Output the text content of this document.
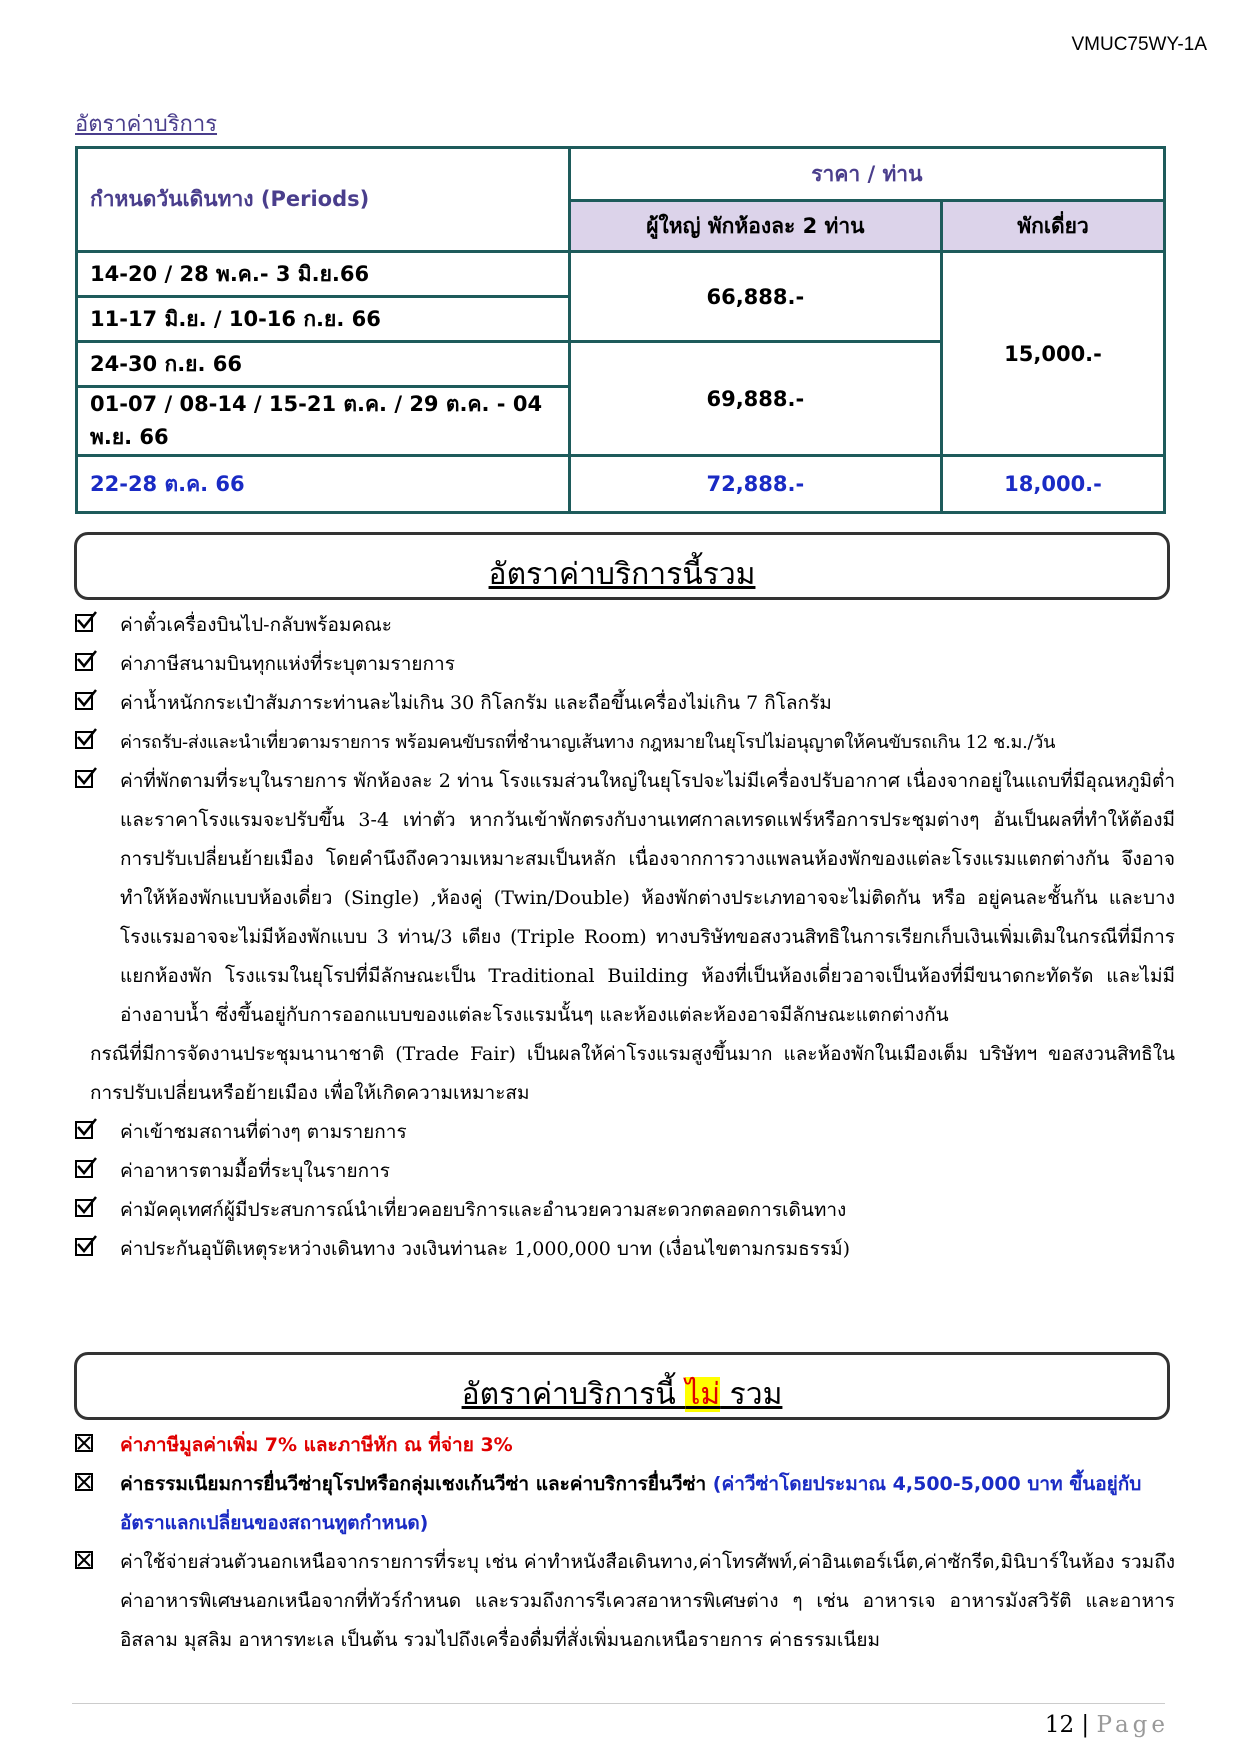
VMUC75WY-1A
อัตราค่าบริการ
กำหนดวันเดินทาง (Periods)	ราคา / ท่าน	
	ผู้ใหญ่ พักห้องละ 2 ท่าน	พักเดี่ยว
14-20 / 28 พ.ค.- 3 มิ.ย.66	66,888.-	15,000.-
11-17 มิ.ย. / 10-16 ก.ย. 66		
24-30 ก.ย. 66	69,888.-	
01-07 / 08-14 / 15-21 ต.ค. / 29 ต.ค. - 04 พ.ย. 66		
22-28 ต.ค. 66	72,888.-	18,000.-
อัตราค่าบริการนี้รวม
ค่าตั๋วเครื่องบินไป-กลับพร้อมคณะ
ค่าภาษีสนามบินทุกแห่งที่ระบุตามรายการ
ค่าน้ำหนักกระเป๋าสัมภาระท่านละไม่เกิน 30 กิโลกรัม และถือขึ้นเครื่องไม่เกิน 7 กิโลกรัม
ค่ารถรับ-ส่งและนำเที่ยวตามรายการ พร้อมคนขับรถที่ชำนาญเส้นทาง กฎหมายในยุโรปไม่อนุญาตให้คนขับรถเกิน 12 ช.ม./วัน
ค่าที่พักตามที่ระบุในรายการ พักห้องละ 2 ท่าน โรงแรมส่วนใหญ่ในยุโรปจะไม่มีเครื่องปรับอากาศ เนื่องจากอยู่ในแถบที่มีอุณหภูมิต่ำและราคาโรงแรมจะปรับขึ้น 3-4 เท่าตัว หากวันเข้าพักตรงกับงานเทศกาลเทรดแฟร์หรือการประชุมต่างๆ อันเป็นผลที่ทำให้ต้องมีการปรับเปลี่ยนย้ายเมือง โดยคำนึงถึงความเหมาะสมเป็นหลัก เนื่องจากการวางแพลนห้องพักของแต่ละโรงแรมแตกต่างกัน จึงอาจทำให้ห้องพักแบบห้องเดี่ยว (Single) ,ห้องคู่ (Twin/Double) ห้องพักต่างประเภทอาจจะไม่ติดกัน หรือ อยู่คนละชั้นกัน และบางโรงแรมอาจจะไม่มีห้องพักแบบ 3 ท่าน/3 เตียง (Triple Room) ทางบริษัทขอสงวนสิทธิในการเรียกเก็บเงินเพิ่มเติมในกรณีที่มีการแยกห้องพัก โรงแรมในยุโรปที่มีลักษณะเป็น Traditional Building ห้องที่เป็นห้องเดี่ยวอาจเป็นห้องที่มีขนาดกะทัดรัด และไม่มีอ่างอาบน้ำ ซึ่งขึ้นอยู่กับการออกแบบของแต่ละโรงแรมนั้นๆ และห้องแต่ละห้องอาจมีลักษณะแตกต่างกัน
กรณีที่มีการจัดงานประชุมนานาชาติ (Trade Fair) เป็นผลให้ค่าโรงแรมสูงขึ้นมาก และห้องพักในเมืองเต็ม บริษัทฯ ขอสงวนสิทธิในการปรับเปลี่ยนหรือย้ายเมือง เพื่อให้เกิดความเหมาะสม
ค่าเข้าชมสถานที่ต่างๆ ตามรายการ
ค่าอาหารตามมื้อที่ระบุในรายการ
ค่ามัคคุเทศก์ผู้มีประสบการณ์นำเที่ยวคอยบริการและอำนวยความสะดวกตลอดการเดินทาง
ค่าประกันอุบัติเหตุระหว่างเดินทาง วงเงินท่านละ 1,000,000 บาท (เงื่อนไขตามกรมธรรม์)
อัตราค่าบริการนี้ ไม่ รวม
ค่าภาษีมูลค่าเพิ่ม 7% และภาษีหัก ณ ที่จ่าย 3%
ค่าธรรมเนียมการยื่นวีซ่ายุโรปหรือกลุ่มเชงเก้นวีซ่า และค่าบริการยื่นวีซ่า (ค่าวีซ่าโดยประมาณ 4,500-5,000 บาท ขึ้นอยู่กับอัตราแลกเปลี่ยนของสถานทูตกำหนด)
ค่าใช้จ่ายส่วนตัวนอกเหนือจากรายการที่ระบุ เช่น ค่าทำหนังสือเดินทาง,ค่าโทรศัพท์,ค่าอินเตอร์เน็ต,ค่าซักรีด,มินิบาร์ในห้อง รวมถึงค่าอาหารพิเศษนอกเหนือจากที่ทัวร์กำหนด และรวมถึงการรีเควสอาหารพิเศษต่าง ๆ เช่น อาหารเจ อาหารมังสวิรัติ และอาหารอิสลาม มุสลิม อาหารทะเล เป็นต้น รวมไปถึงเครื่องดื่มที่สั่งเพิ่มนอกเหนือรายการ ค่าธรรมเนียม
12 | Page
